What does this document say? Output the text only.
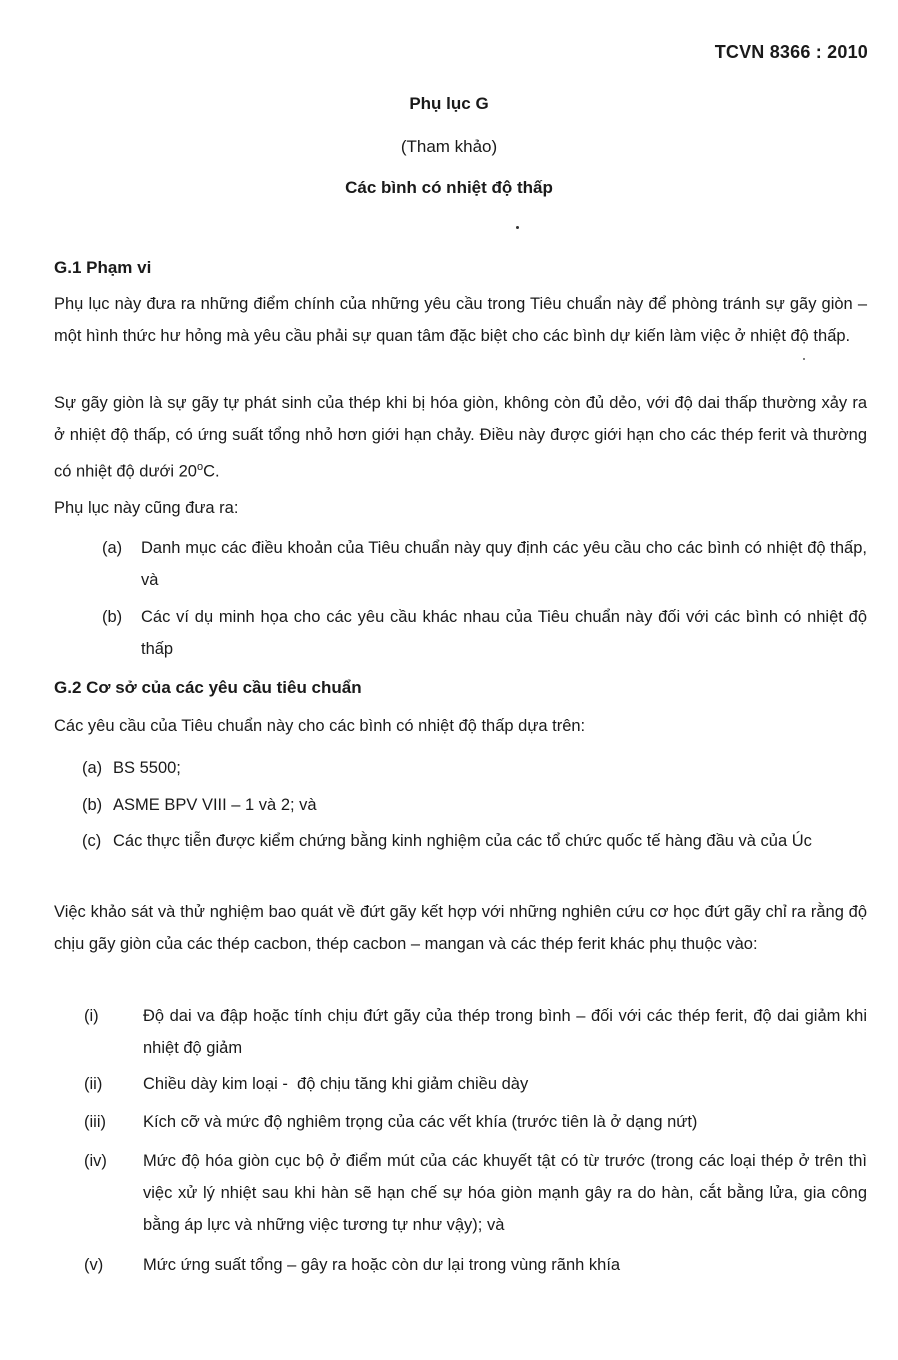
TCVN 8366 : 2010
Phụ lục G
(Tham khảo)
Các bình có nhiệt độ thấp
G.1 Phạm vi
Phụ lục này đưa ra những điểm chính của những yêu cầu trong Tiêu chuẩn này để phòng tránh sự gãy giòn – một hình thức hư hỏng mà yêu cầu phải sự quan tâm đặc biệt cho các bình dự kiến làm việc ở nhiệt độ thấp.
Sự gãy giòn là sự gãy tự phát sinh của thép khi bị hóa giòn, không còn đủ dẻo, với độ dai thấp thường xảy ra ở nhiệt độ thấp, có ứng suất tổng nhỏ hơn giới hạn chảy. Điều này được giới hạn cho các thép ferit và thường có nhiệt độ dưới 20$^o$C.
Phụ lục này cũng đưa ra:
(a) Danh mục các điều khoản của Tiêu chuẩn này quy định các yêu cầu cho các bình có nhiệt độ thấp, và
(b) Các ví dụ minh họa cho các yêu cầu khác nhau của Tiêu chuẩn này đối với các bình có nhiệt độ thấp
G.2 Cơ sở của các yêu cầu tiêu chuẩn
Các yêu cầu của Tiêu chuẩn này cho các bình có nhiệt độ thấp dựa trên:
(a) BS 5500;
(b) ASME BPV VIII – 1 và 2; và
(c) Các thực tiễn được kiểm chứng bằng kinh nghiệm của các tổ chức quốc tế hàng đầu và của Úc
Việc khảo sát và thử nghiệm bao quát về đứt gãy kết hợp với những nghiên cứu cơ học đứt gãy chỉ ra rằng độ chịu gãy giòn của các thép cacbon, thép cacbon – mangan và các thép ferit khác phụ thuộc vào:
(i)	Độ dai va đập hoặc tính chịu đứt gãy của thép trong bình – đối với các thép ferit, độ dai giảm khi nhiệt độ giảm
(ii) Chiều dày kim loại -  độ chịu tăng khi giảm chiều dày
(iii) Kích cỡ và mức độ nghiêm trọng của các vết khía (trước tiên là ở dạng nứt)
(iv) Mức độ hóa giòn cục bộ ở điểm mút của các khuyết tật có từ trước (trong các loại thép ở trên thì việc xử lý nhiệt sau khi hàn sẽ hạn chế sự hóa giòn mạnh gây ra do hàn, cắt bằng lửa, gia công bằng áp lực và những việc tương tự như vậy); và
(v) Mức ứng suất tổng – gây ra hoặc còn dư lại trong vùng rãnh khía
